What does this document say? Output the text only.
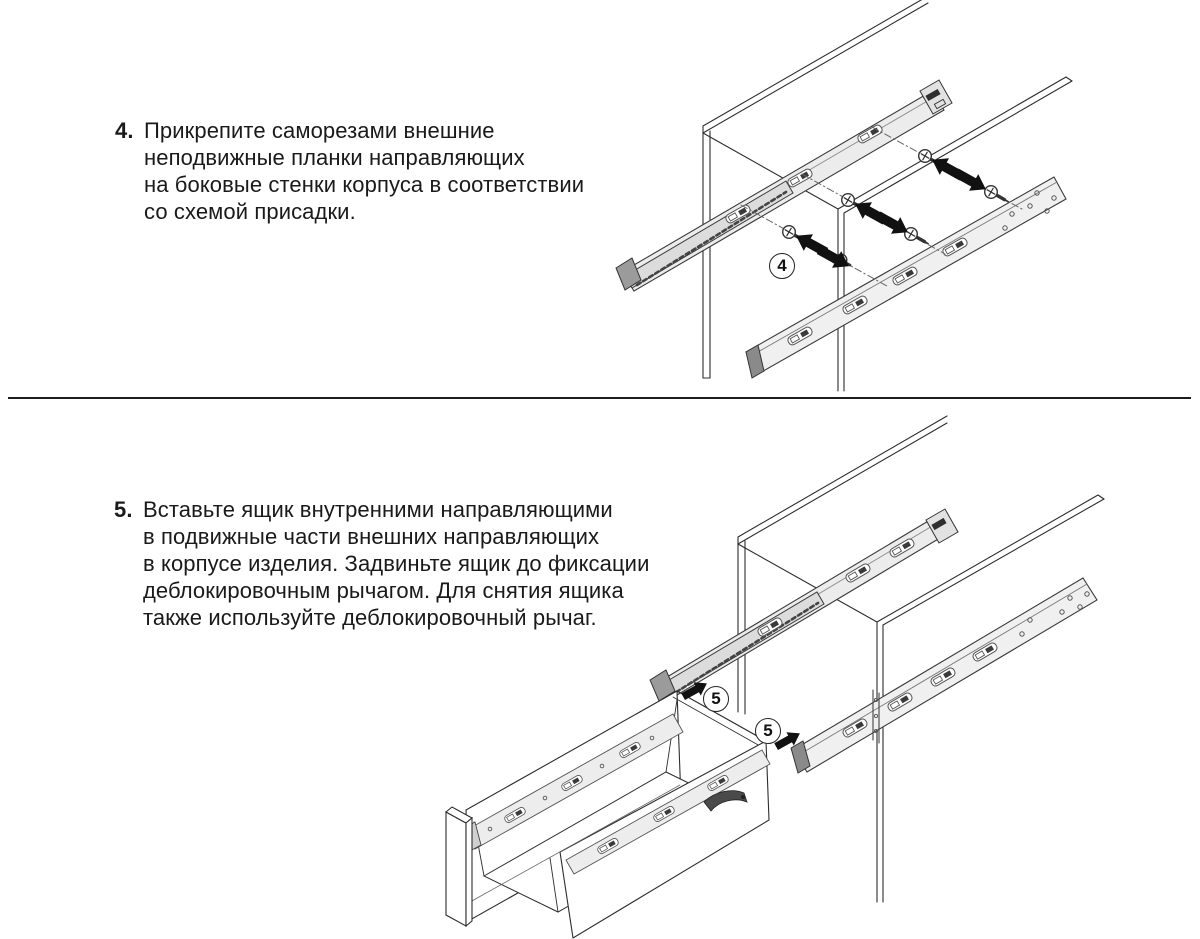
4. Прикрепите саморезами внешние
неподвижные планки направляющих
на боковые стенки корпуса в соответствии
со схемой присадки.
5. Вставьте ящик внутренними направляющими
в подвижные части внешних направляющих
в корпусе изделия. Задвиньте ящик до фиксации
деблокировочным рычагом. Для снятия ящика
также используйте деблокировочный рычаг.
4
5
5
